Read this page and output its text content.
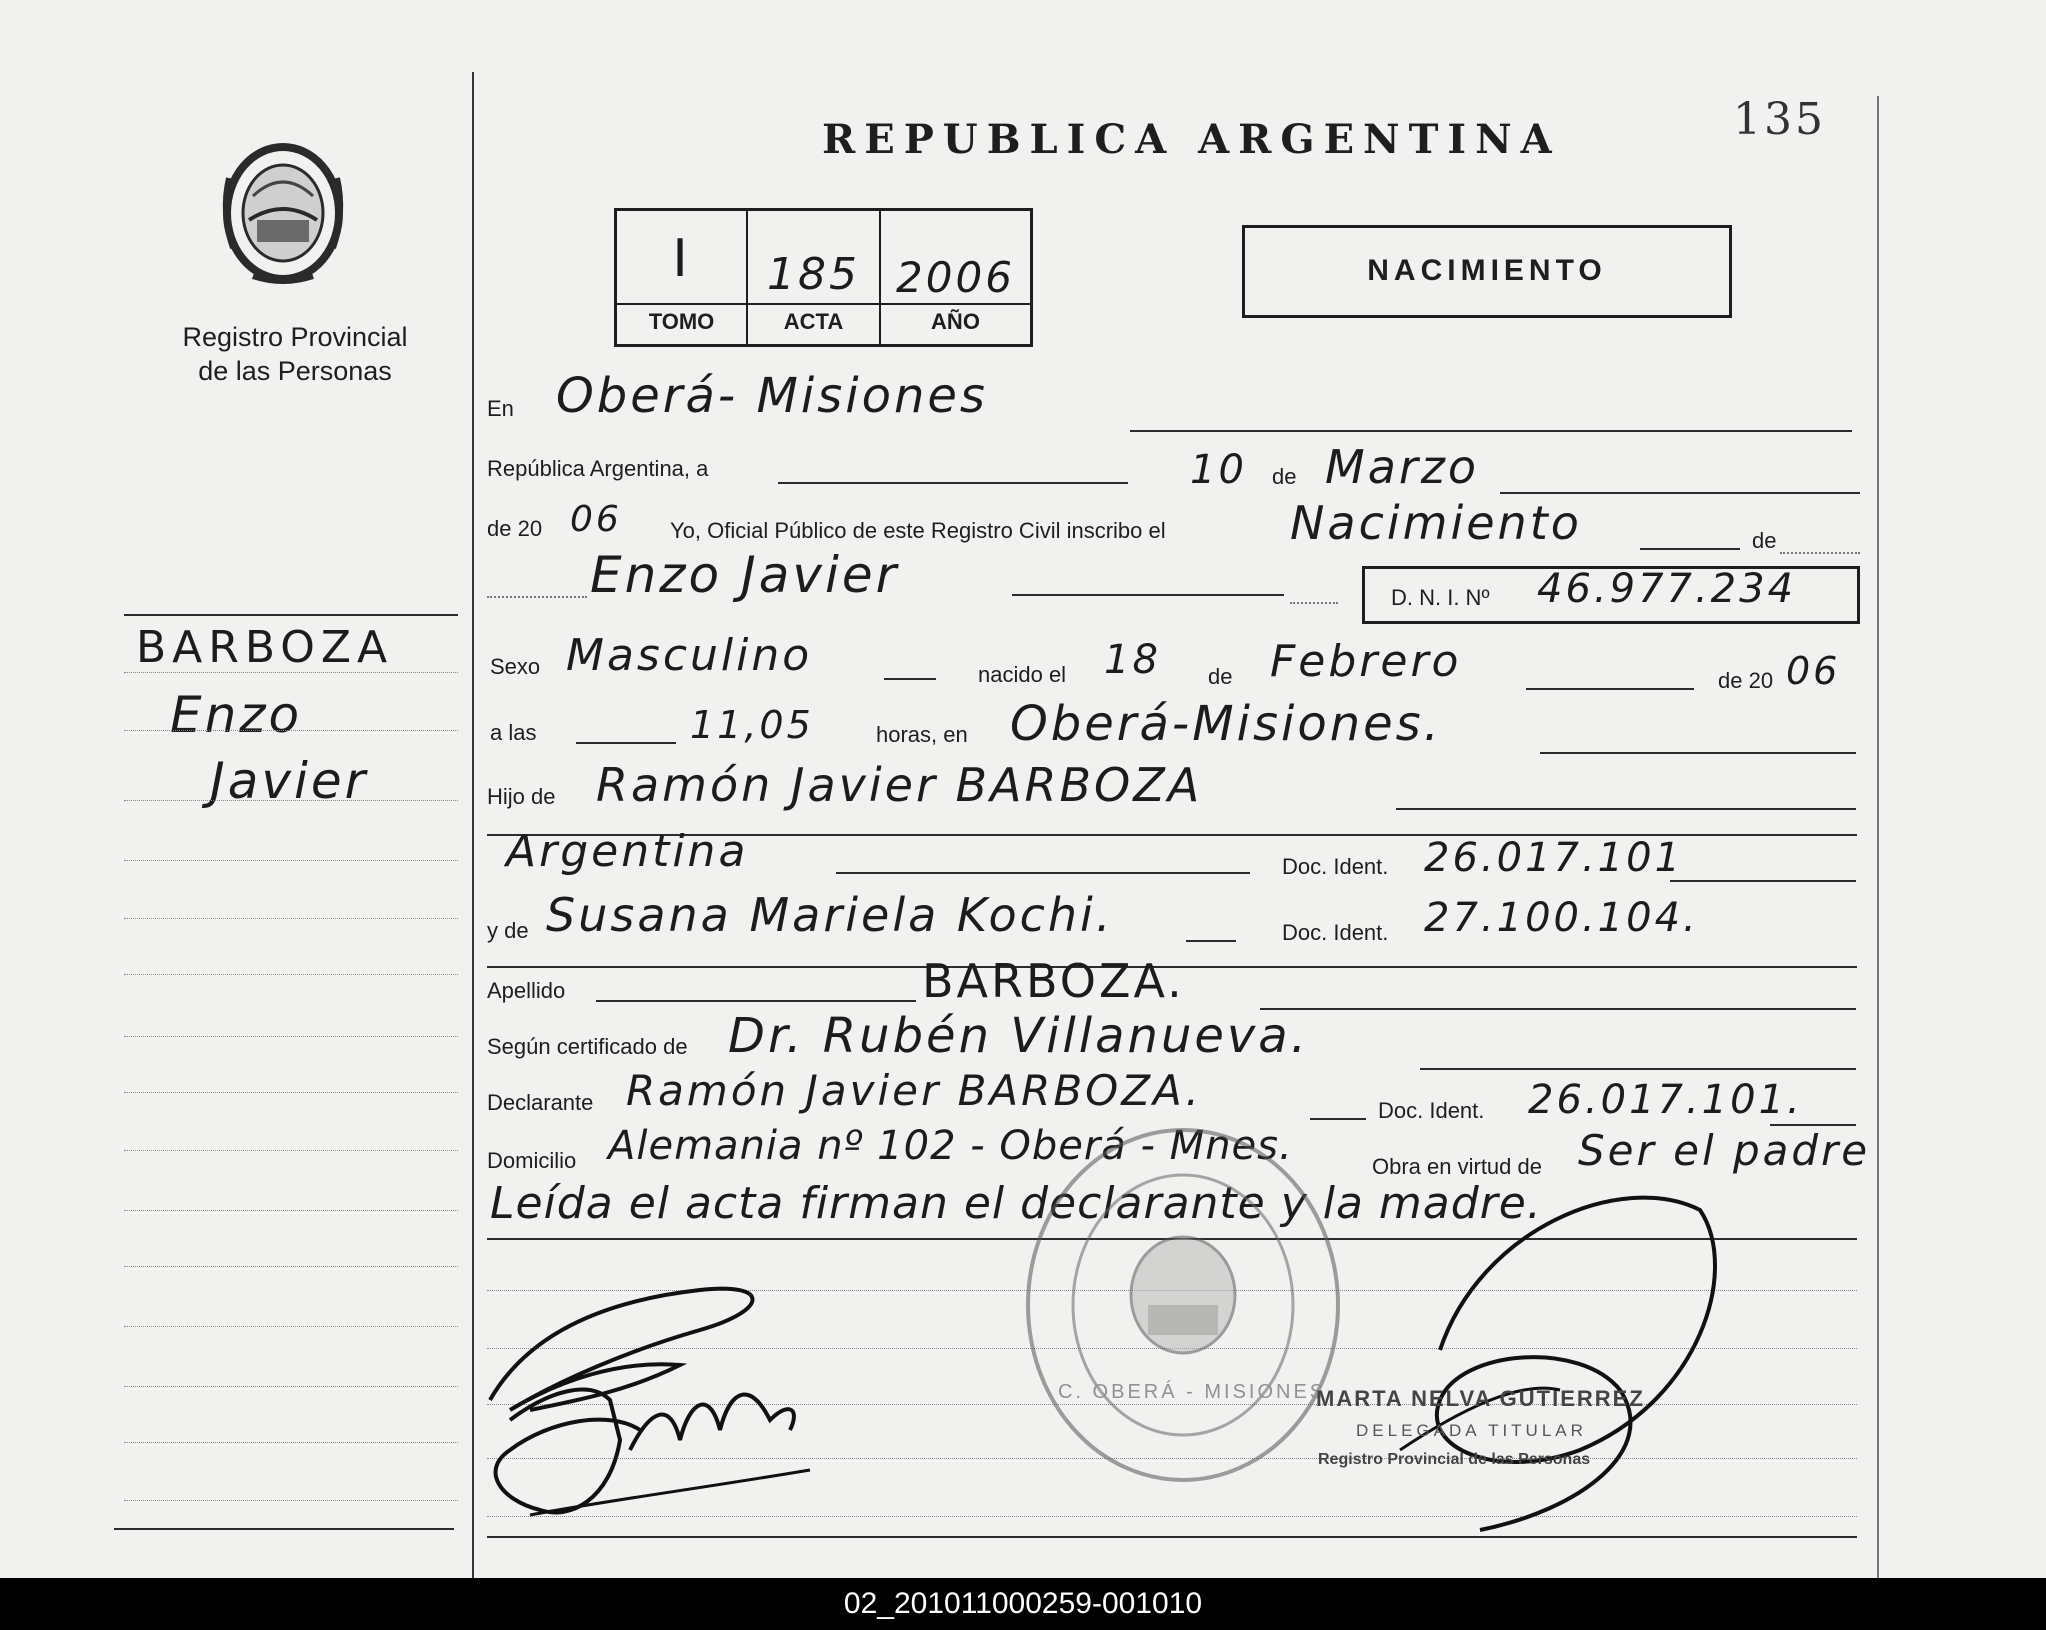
Registro Provincial
de las Personas
REPUBLICA ARGENTINA	135
I	185 2006
TOMO	ACTA	AÑO
NACIMIENTO
BARBOZA
Enzo
Javier
En Oberá- Misiones
República Argentina, a	10 de Marzo
de 20 06 Yo, Oficial Público de este Registro Civil inscribo el	Nacimiento	de
Enzo Javier	D. N. I. Nº 46.977.234
Sexo Masculino	nacido el 18 de Febrero	de 20 06
a las	11,05	horas, en Oberá-Misiones.
Hijo de Ramón Javier BARBOZA
Argentina	Doc. Ident. 26.017.101
y de Susana Mariela Kochi.	Doc. Ident. 27.100.104.
Apellido	BARBOZA.
Según certificado de Dr. Rubén Villanueva.
Declarante Ramón Javier BARBOZA.	Doc. Ident. 26.017.101.
Domicilio Alemania nº 102 - Oberá - Mnes.	Obra en virtud de Ser el padre
Leída el acta firman el declarante y la madre.
C. OBERÁ - MISIONES
MARTA NELVA GUTIERREZ
DELEGADA TITULAR
Registro Provincial de las Personas
02_201011000259-001010
